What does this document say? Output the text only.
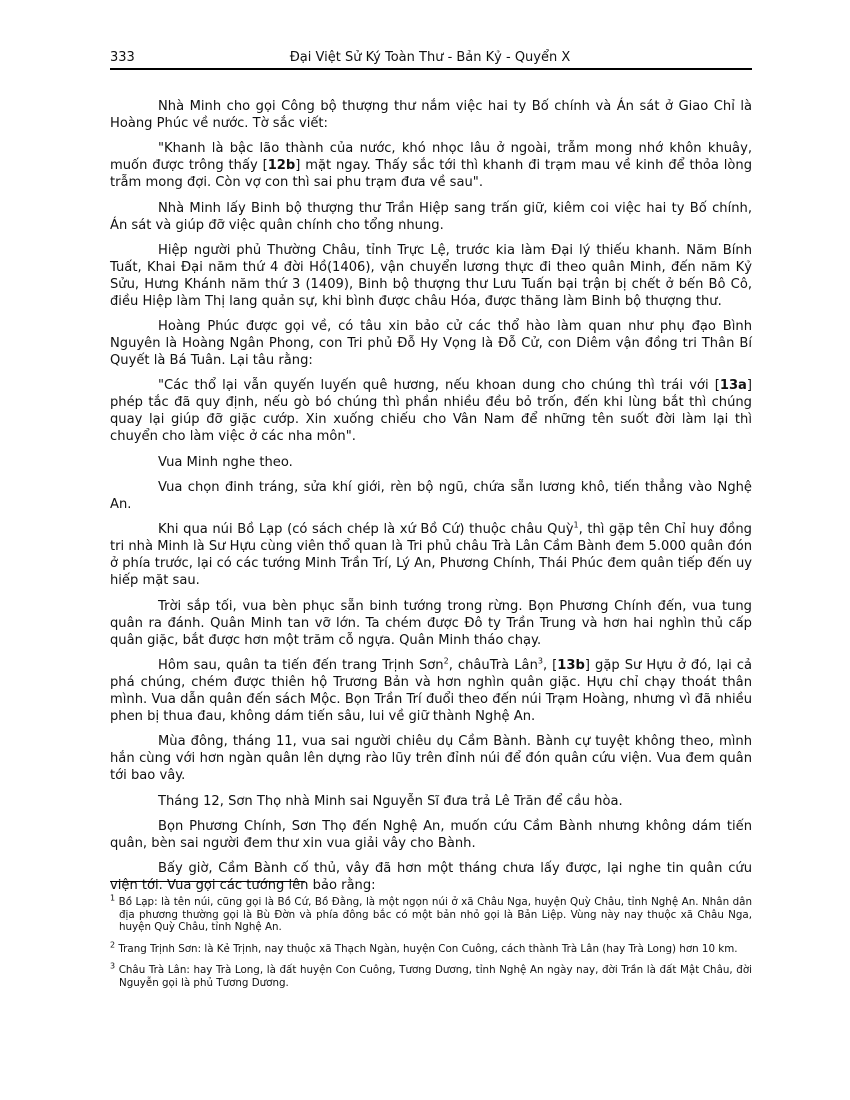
333	Đại Việt Sử Ký Toàn Thư - Bản Kỷ - Quyển X

Nhà Minh cho gọi Công bộ thượng thư nắm việc hai ty Bố chính và Án sát ở Giao Chỉ là Hoàng Phúc về nước. Tờ sắc viết:

"Khanh là bậc lão thành của nước, khó nhọc lâu ở ngoài, trẫm mong nhớ khôn khuây, muốn được trông thấy [12b] mặt ngay. Thấy sắc tới thì khanh đi trạm mau về kinh để thỏa lòng trẫm mong đợi. Còn vợ con thì sai phu trạm đưa về sau".

Nhà Minh lấy Binh bộ thượng thư Trần Hiệp sang trấn giữ, kiêm coi việc hai ty Bố chính, Án sát và giúp đỡ việc quân chính cho tổng nhung.

Hiệp người phủ Thường Châu, tỉnh Trực Lệ, trước kia làm Đại lý thiếu khanh. Năm Bính Tuất, Khai Đại năm thứ 4 đời Hồ(1406), vận chuyển lương thực đi theo quân Minh, đến năm Kỷ Sửu, Hưng Khánh năm thứ 3 (1409), Binh bộ thượng thư Lưu Tuấn bại trận bị chết ở bến Bô Cô, điều Hiệp làm Thị lang quản sự, khi bình được châu Hóa, được thăng làm Binh bộ thượng thư.

Hoàng Phúc được gọi về, có tâu xin bảo cử các thổ hào làm quan như phụ đạo Bình Nguyên là Hoàng Ngân Phong, con Tri phủ Đỗ Hy Vọng là Đỗ Cử, con Diêm vận đồng tri Thân Bí Quyết là Bá Tuân. Lại tâu rằng:

"Các thổ lại vẫn quyến luyến quê hương, nếu khoan dung cho chúng thì trái với [13a] phép tắc đã quy định, nếu gò bó chúng thì phần nhiều đều bỏ trốn, đến khi lùng bắt thì chúng quay lại giúp đỡ giặc cướp. Xin xuống chiếu cho Vân Nam để những tên suốt đời làm lại thì chuyển cho làm việc ở các nha môn".

Vua Minh nghe theo.

Vua chọn đinh tráng, sửa khí giới, rèn bộ ngũ, chứa sẵn lương khô, tiến thẳng vào Nghệ An.

Khi qua núi Bồ Lạp (có sách chép là xứ Bồ Cứ) thuộc châu Quỳ$^1$, thì gặp tên Chỉ huy đồng tri nhà Minh là Sư Hựu cùng viên thổ quan là Tri phủ châu Trà Lân Cầm Bành đem 5.000 quân đón ở phía trước, lại có các tướng Minh Trần Trí, Lý An, Phương Chính, Thái Phúc đem quân tiếp đến uy hiếp mặt sau.

Trời sắp tối, vua bèn phục sẵn binh tướng trong rừng. Bọn Phương Chính đến, vua tung quân ra đánh. Quân Minh tan vỡ lớn. Ta chém được Đô ty Trần Trung và hơn hai nghìn thủ cấp quân giặc, bắt được hơn một trăm cỗ ngựa. Quân Minh tháo chạy.

Hôm sau, quân ta tiến đến trang Trịnh Sơn$^2$, châuTrà Lân$^3$, [13b] gặp Sư Hựu ở đó, lại cả phá chúng, chém được thiên hộ Trương Bản và hơn nghìn quân giặc. Hựu chỉ chạy thoát thân mình. Vua dẫn quân đến sách Mộc. Bọn Trần Trí đuổi theo đến núi Trạm Hoàng, nhưng vì đã nhiều phen bị thua đau, không dám tiến sâu, lui về giữ thành Nghệ An.

Mùa đông, tháng 11, vua sai người chiêu dụ Cầm Bành. Bành cự tuyệt không theo, mình hắn cùng với hơn ngàn quân lên dựng rào lũy trên đỉnh núi để đón quân cứu viện. Vua đem quân tới bao vây.

Tháng 12, Sơn Thọ nhà Minh sai Nguyễn Sĩ đưa trả Lê Trăn để cầu hòa.

Bọn Phương Chính, Sơn Thọ đến Nghệ An, muốn cứu Cầm Bành nhưng không dám tiến quân, bèn sai người đem thư xin vua giải vây cho Bành.

Bấy giờ, Cầm Bành cố thủ, vây đã hơn một tháng chưa lấy được, lại nghe tin quân cứu viện tới. Vua gọi các tướng lên bảo rằng:

$^1$ Bồ Lạp: là tên núi, cũng gọi là Bồ Cứ, Bồ Đằng, là một ngọn núi ở xã Châu Nga, huyện Quỳ Châu, tỉnh Nghệ An. Nhân dân địa phương thường gọi là Bù Đờn và phía đông bắc có một bản nhỏ gọi là Bản Liệp. Vùng này nay thuộc xã Châu Nga, huyện Quỳ Châu, tỉnh Nghệ An.

$^2$ Trang Trịnh Sơn: là Kẻ Trịnh, nay thuộc xã Thạch Ngàn, huyện Con Cuông, cách thành Trà Lân (hay Trà Long) hơn 10 km.

$^3$ Châu Trà Lân: hay Trà Long, là đất huyện Con Cuông, Tương Dương, tỉnh Nghệ An ngày nay, đời Trần là đất Mật Châu, đời Nguyễn gọi là phủ Tương Dương.
